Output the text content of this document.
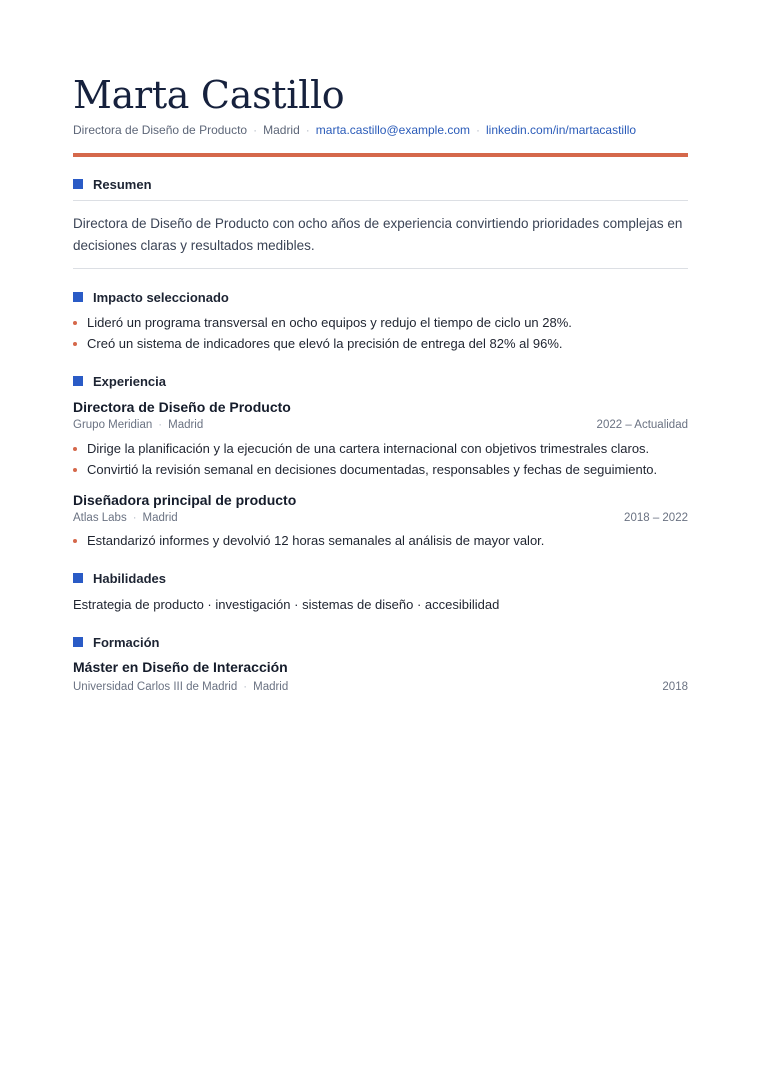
Marta Castillo
Directora de Diseño de Producto · Madrid · marta.castillo@example.com · linkedin.com/in/martacastillo
Resumen
Directora de Diseño de Producto con ocho años de experiencia convirtiendo prioridades complejas en decisiones claras y resultados medibles.
Impacto seleccionado
Lideró un programa transversal en ocho equipos y redujo el tiempo de ciclo un 28%.
Creó un sistema de indicadores que elevó la precisión de entrega del 82% al 96%.
Experiencia
Directora de Diseño de Producto
Grupo Meridian · Madrid	2022 – Actualidad
Dirige la planificación y la ejecución de una cartera internacional con objetivos trimestrales claros.
Convirtió la revisión semanal en decisiones documentadas, responsables y fechas de seguimiento.
Diseñadora principal de producto
Atlas Labs · Madrid	2018 – 2022
Estandarizó informes y devolvió 12 horas semanales al análisis de mayor valor.
Habilidades
Estrategia de producto · investigación · sistemas de diseño · accesibilidad
Formación
Máster en Diseño de Interacción
Universidad Carlos III de Madrid · Madrid	2018
